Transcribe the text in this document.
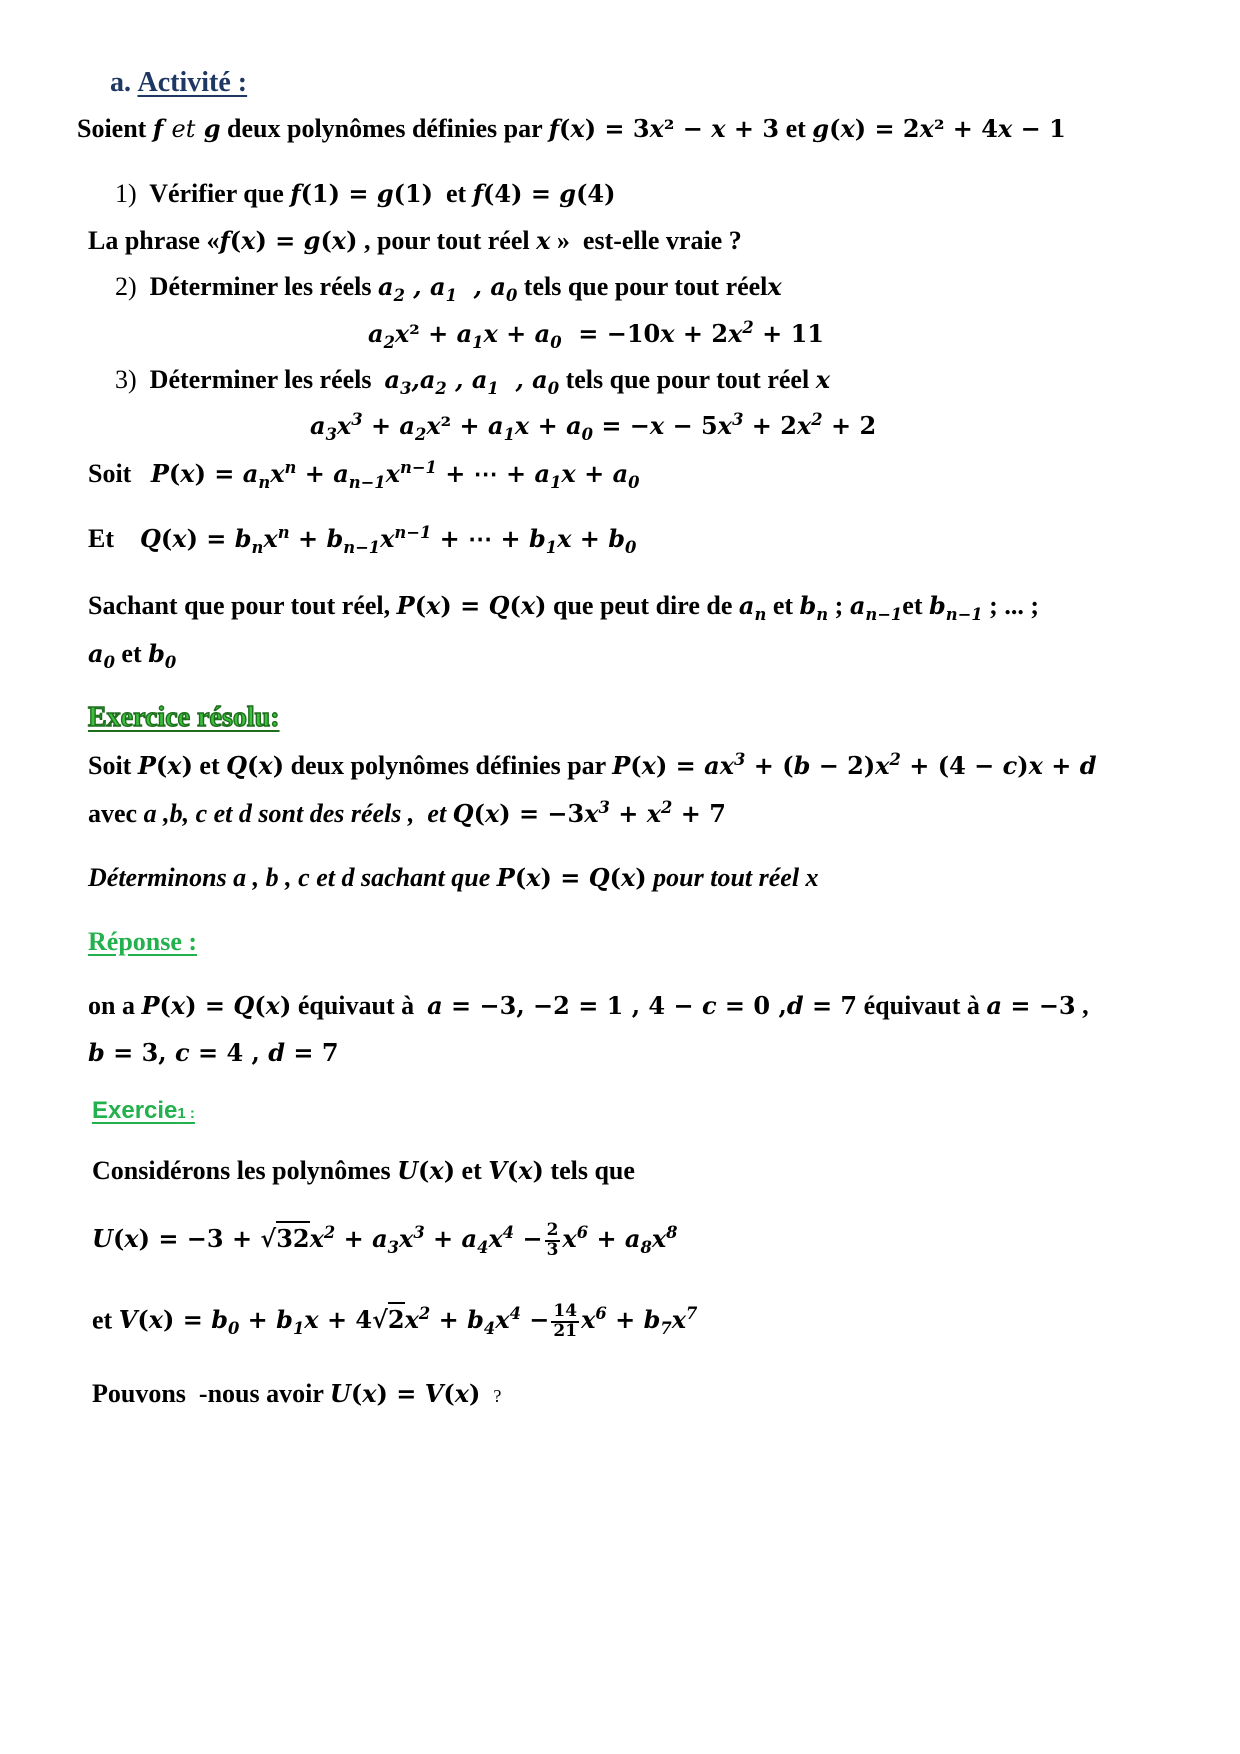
a. Activité :
Soient f et g deux polynômes définies par f(x) = 3x² − x + 3 et g(x) = 2x² + 4x − 1
1)  Vérifier que f(1) = g(1)  et f(4) = g(4)
La phrase «f(x) = g(x) , pour tout réel x »  est-elle vraie ?
2)  Déterminer les réels $a_2$ , $a_1$  , $a_0$ tels que pour tout réelx
$a_2x^2 + a_1x + a_0 = -10x + 2x^2 + 11$
3)  Déterminer les réels  $a_3,a_2$ , $a_1$  , $a_0$ tels que pour tout réel x
$a_3x^3 + a_2x^2 + a_1x + a_0 = -x - 5x^3 + 2x^2 + 2$
Soit   $P(x) = a_nx^n + a_{n-1}x^{n-1}$ + ⋯ + $a_1x + a_0$
Et    $Q(x) = b_nx^n + b_{n-1}x^{n-1}$ + ⋯ + $b_1x + b_0$
Sachant que pour tout réel, P(x) = Q(x) que peut dire de $a_n$ et $b_n$ ; $a_{n-1}et$ $b_{n-1}$ ; ... ;
$a_0$ et $b_0$
Exercice résolu:
Soit P(x) et Q(x) deux polynômes définies par $P(x) = ax^3 + (b - 2)x^2 + (4 - c)x + d$
avec a ,b, c et d sont des réels , et $Q(x) = -3x^3 + x^2 + 7$
Déterminons a , b , c et d sachant que P(x) = Q(x) pour tout réel x
Réponse :
on a P(x) = Q(x) équivaut à  a = −3, −2 = 1 , 4 − c = 0 ,d = 7 équivaut à a = −3 ,
b = 3, c = 4 , d = 7
Exercie1 :
Considérons les polynômes U(x) et V(x) tels que
$U(x) = -3 + √32x^2 + a_3x^3 + a_4x^4 - \frac{2}{3} x^6 + a_8x^8$
et $V(x) = b_0 + b_1x + 4√2x^2 + b_4x^4 - \frac{14}{21} x^6 + b_7x^7$
Pouvons  -nous avoir U(x) = V(x) ?
